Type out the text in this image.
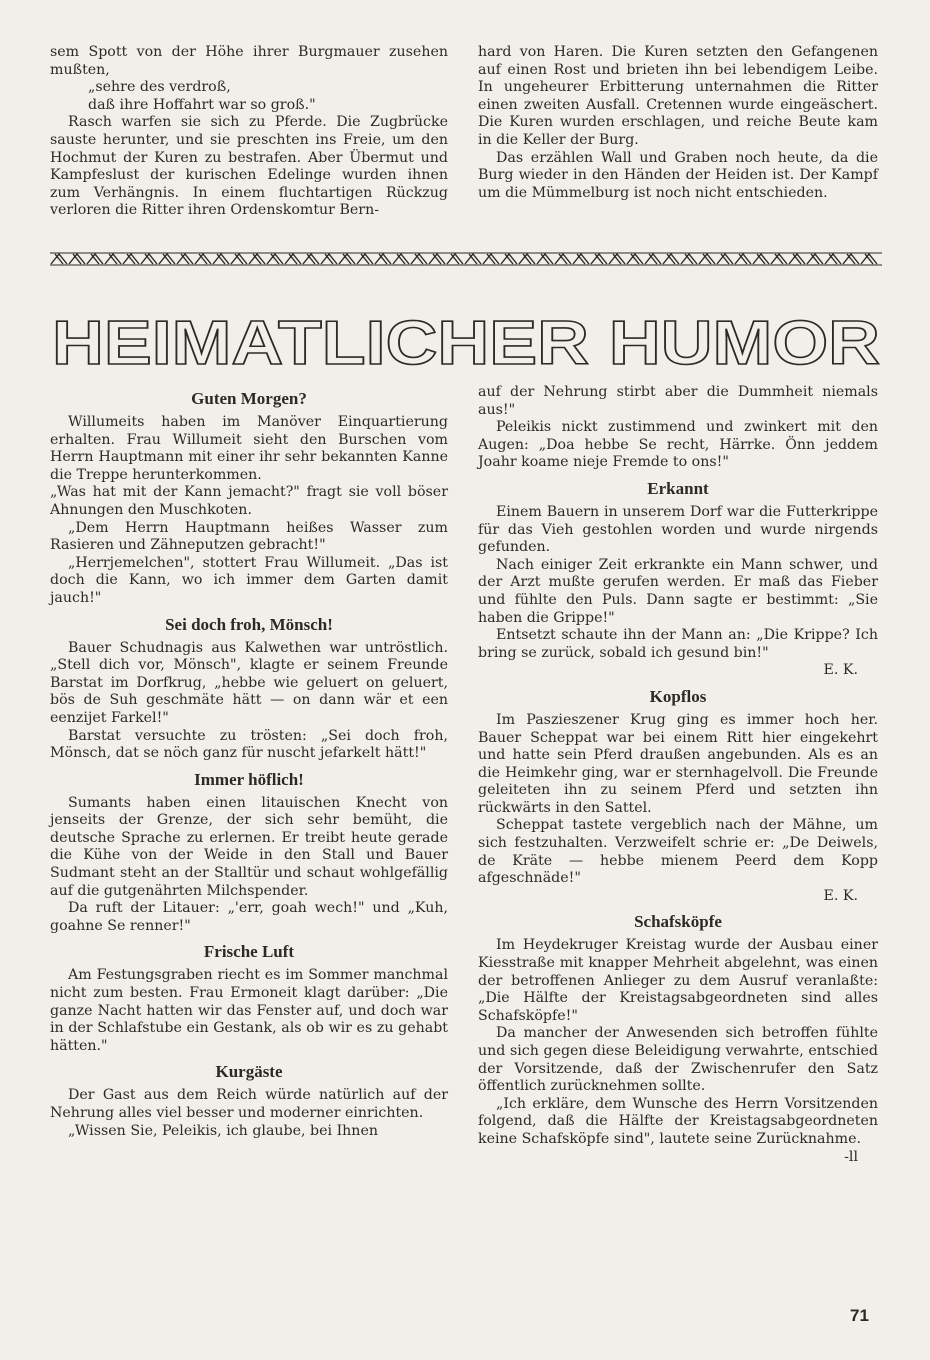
sem Spott von der Höhe ihrer Burgmauer zusehen mußten,

„sehre des verdroß,

daß ihre Hoffahrt war so groß."

Rasch warfen sie sich zu Pferde. Die Zugbrücke sauste herunter, und sie preschten ins Freie, um den Hochmut der Kuren zu bestrafen. Aber Übermut und Kampfeslust der kurischen Edelinge wurden ihnen zum Verhängnis. In einem fluchtartigen Rückzug verloren die Ritter ihren Ordenskomtur Bern-

hard von Haren. Die Kuren setzten den Gefangenen auf einen Rost und brieten ihn bei lebendigem Leibe. In ungeheurer Erbitterung unternahmen die Ritter einen zweiten Ausfall. Cretennen wurde eingeäschert. Die Kuren wurden erschlagen, und reiche Beute kam in die Keller der Burg.

Das erzählen Wall und Graben noch heute, da die Burg wieder in den Händen der Heiden ist. Der Kampf um die Mümmelburg ist noch nicht entschieden.

HEIMATLICHER HUMOR
Guten Morgen?

Willumeits haben im Manöver Einquartierung erhalten. Frau Willumeit sieht den Burschen vom Herrn Hauptmann mit einer ihr sehr bekannten Kanne die Treppe herunterkommen.

„Was hat mit der Kann jemacht?" fragt sie voll böser Ahnungen den Muschkoten.

„Dem Herrn Hauptmann heißes Wasser zum Rasieren und Zähneputzen gebracht!"

„Herrjemelchen", stottert Frau Willumeit. „Das ist doch die Kann, wo ich immer dem Garten damit jauch!"

Sei doch froh, Mönsch!

Bauer Schudnagis aus Kalwethen war untröstlich. „Stell dich vor, Mönsch", klagte er seinem Freunde Barstat im Dorfkrug, „hebbe wie geluert on geluert, bös de Suh geschmäte hätt — on dann wär et een eenzijet Farkel!"

Barstat versuchte zu trösten: „Sei doch froh, Mönsch, dat se nöch ganz für nuscht jefarkelt hätt!"

Immer höflich!

Sumants haben einen litauischen Knecht von jenseits der Grenze, der sich sehr bemüht, die deutsche Sprache zu erlernen. Er treibt heute gerade die Kühe von der Weide in den Stall und Bauer Sudmant steht an der Stalltür und schaut wohlgefällig auf die gutgenährten Milchspender.

Da ruft der Litauer: „'err, goah wech!" und „Kuh, goahne Se renner!"

Frische Luft

Am Festungsgraben riecht es im Sommer manchmal nicht zum besten. Frau Ermoneit klagt darüber: „Die ganze Nacht hatten wir das Fenster auf, und doch war in der Schlafstube ein Gestank, als ob wir es zu gehabt hätten."

Kurgäste

Der Gast aus dem Reich würde natürlich auf der Nehrung alles viel besser und moderner einrichten.

„Wissen Sie, Peleikis, ich glaube, bei Ihnen

auf der Nehrung stirbt aber die Dummheit niemals aus!"

Peleikis nickt zustimmend und zwinkert mit den Augen: „Doa hebbe Se recht, Härrke. Önn jeddem Joahr koame nieje Fremde to ons!"

Erkannt

Einem Bauern in unserem Dorf war die Futterkrippe für das Vieh gestohlen worden und wurde nirgends gefunden.

Nach einiger Zeit erkrankte ein Mann schwer, und der Arzt mußte gerufen werden. Er maß das Fieber und fühlte den Puls. Dann sagte er bestimmt: „Sie haben die Grippe!"

Entsetzt schaute ihn der Mann an: „Die Krippe? Ich bring se zurück, sobald ich gesund bin!"

E. K.

Kopflos

Im Paszieszener Krug ging es immer hoch her. Bauer Scheppat war bei einem Ritt hier eingekehrt und hatte sein Pferd draußen angebunden. Als es an die Heimkehr ging, war er sternhagelvoll. Die Freunde geleiteten ihn zu seinem Pferd und setzten ihn rückwärts in den Sattel.

Scheppat tastete vergeblich nach der Mähne, um sich festzuhalten. Verzweifelt schrie er: „De Deiwels, de Kräte — hebbe mienem Peerd dem Kopp afgeschnäde!"

E. K.

Schafsköpfe

Im Heydekruger Kreistag wurde der Ausbau einer Kiesstraße mit knapper Mehrheit abgelehnt, was einen der betroffenen Anlieger zu dem Ausruf veranlaßte: „Die Hälfte der Kreistagsabgeordneten sind alles Schafsköpfe!"

Da mancher der Anwesenden sich betroffen fühlte und sich gegen diese Beleidigung verwahrte, entschied der Vorsitzende, daß der Zwischenrufer den Satz öffentlich zurücknehmen sollte.

„Ich erkläre, dem Wunsche des Herrn Vorsitzenden folgend, daß die Hälfte der Kreistagsabgeordneten keine Schafsköpfe sind", lautete seine Zurücknahme.

-ll

71
